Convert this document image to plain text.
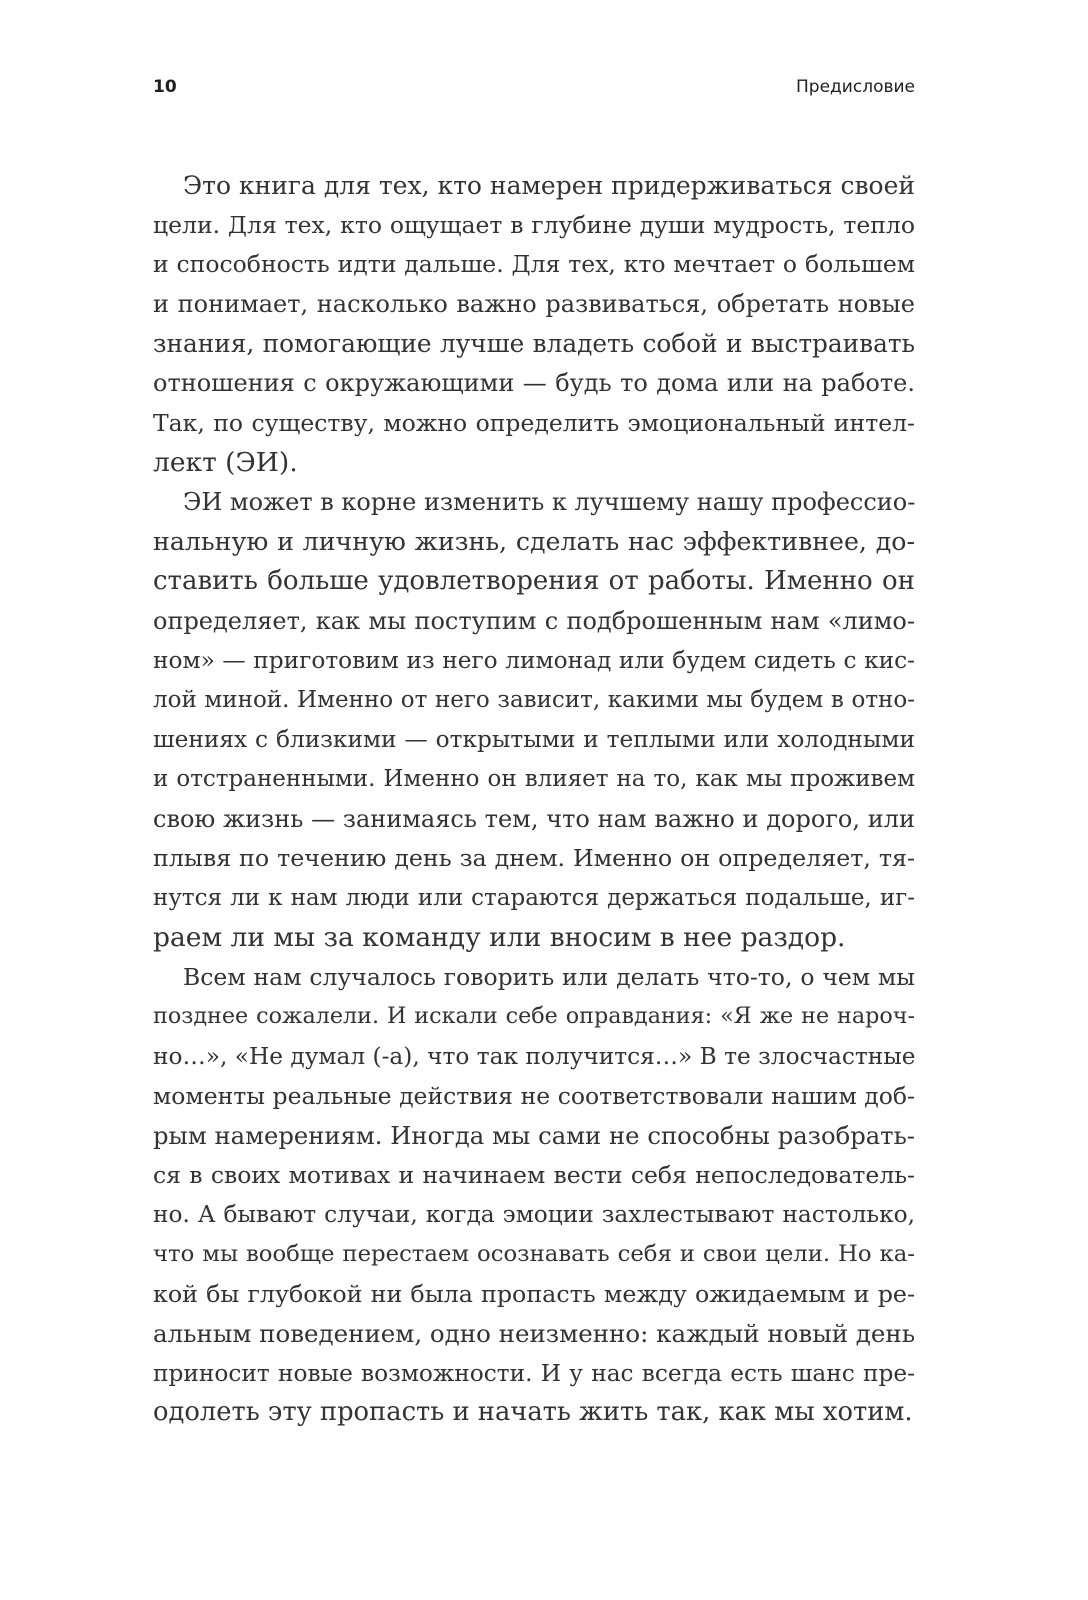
10	Предисловие
Это книга для тех, кто намерен придерживаться своей
цели. Для тех, кто ощущает в глубине души мудрость, тепло
и способность идти дальше. Для тех, кто мечтает о большем
и понимает, насколько важно развиваться, обретать новые
знания, помогающие лучше владеть собой и выстраивать
отношения с окружающими — будь то дома или на работе.
Так, по существу, можно определить эмоциональный интел-
лект (ЭИ).
ЭИ может в корне изменить к лучшему нашу профессио-
нальную и личную жизнь, сделать нас эффективнее, до-
ставить больше удовлетворения от работы. Именно он
определяет, как мы поступим с подброшенным нам «лимо-
ном» — приготовим из него лимонад или будем сидеть с кис-
лой миной. Именно от него зависит, какими мы будем в отно-
шениях с близкими — открытыми и теплыми или холодными
и отстраненными. Именно он влияет на то, как мы проживем
свою жизнь — занимаясь тем, что нам важно и дорого, или
плывя по течению день за днем. Именно он определяет, тя-
нутся ли к нам люди или стараются держаться подальше, иг-
раем ли мы за команду или вносим в нее раздор.
Всем нам случалось говорить или делать что-то, о чем мы
позднее сожалели. И искали себе оправдания: «Я же не нароч-
но…», «Не думал (-а), что так получится…» В те злосчастные
моменты реальные действия не соответствовали нашим доб-
рым намерениям. Иногда мы сами не способны разобрать-
ся в своих мотивах и начинаем вести себя непоследователь-
но. А бывают случаи, когда эмоции захлестывают настолько,
что мы вообще перестаем осознавать себя и свои цели. Но ка-
кой бы глубокой ни была пропасть между ожидаемым и ре-
альным поведением, одно неизменно: каждый новый день
приносит новые возможности. И у нас всегда есть шанс пре-
одолеть эту пропасть и начать жить так, как мы хотим.
